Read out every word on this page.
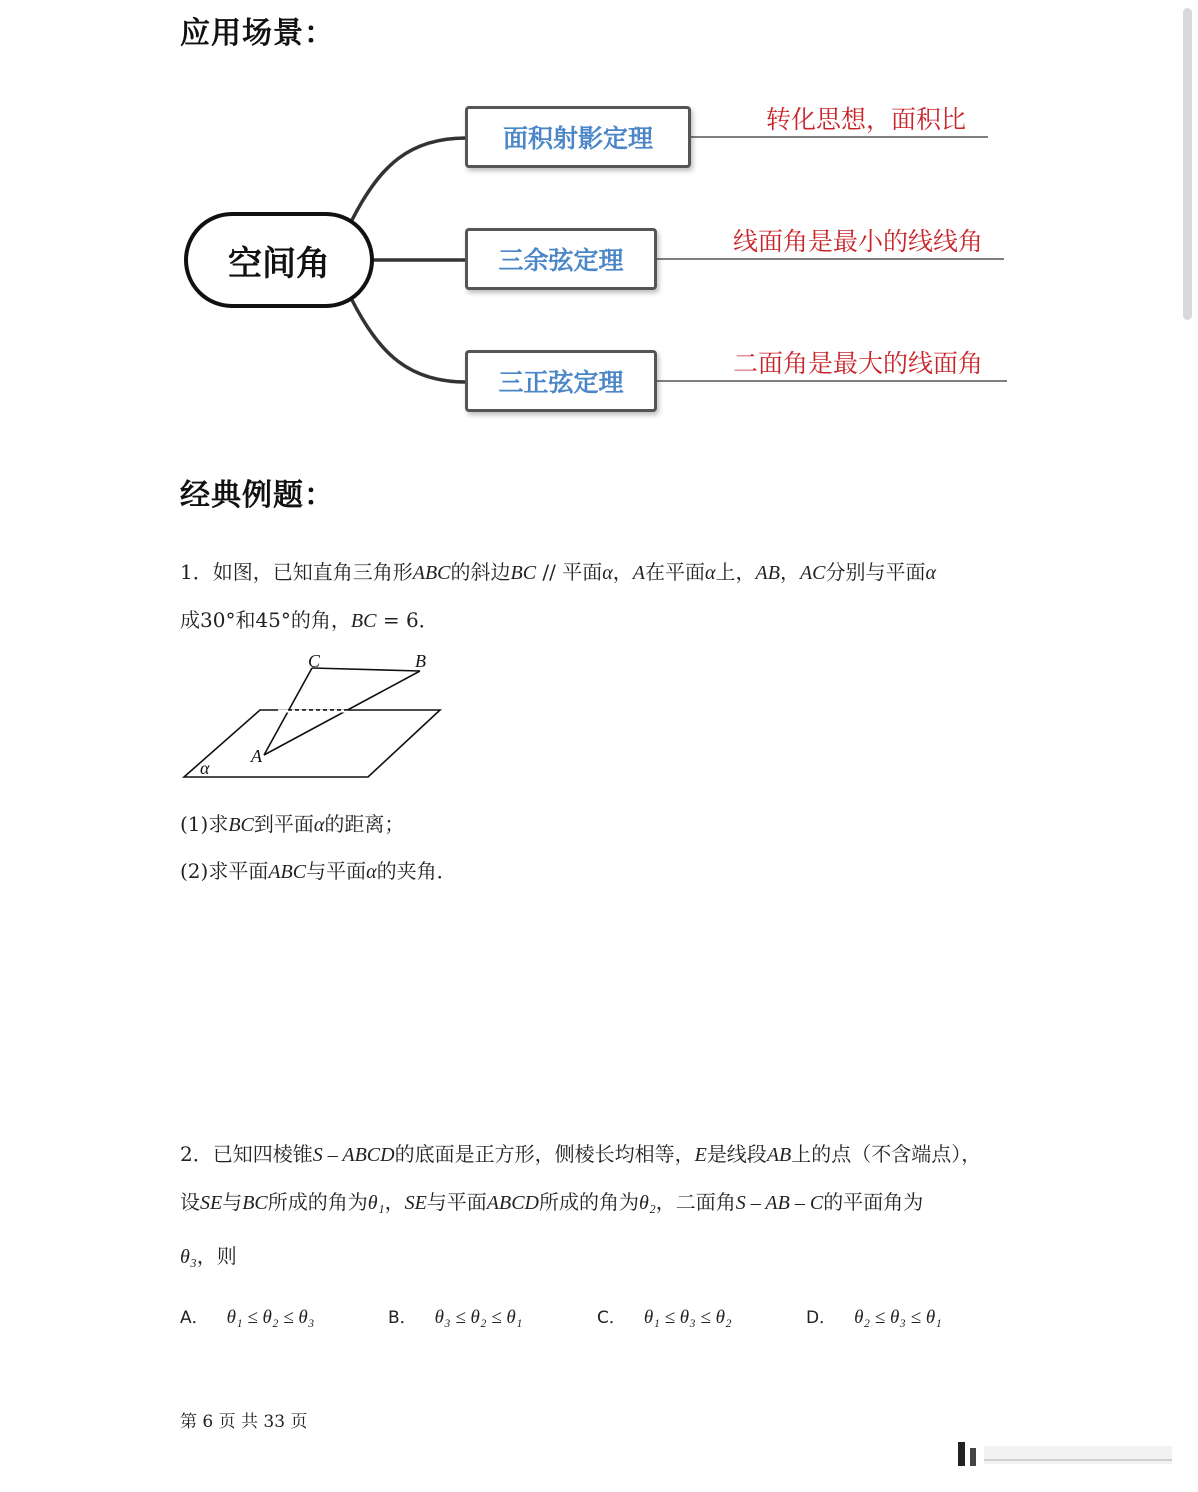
应用场景：
空间角
面积射影定理
三余弦定理
三正弦定理
转化思想，面积比
线面角是最小的线线角
二面角是最大的线面角
经典例题：
1．如图，已知直角三角形ABC的斜边BC // 平面α，A在平面α上，AB，AC分别与平面α
成30°和45°的角，BC = 6．
C	B
A
α
(1)求BC到平面α的距离；
(2)求平面ABC与平面α的夹角．
2．已知四棱锥S – ABCD的底面是正方形，侧棱长均相等，E是线段AB上的点（不含端点），
设SE与BC所成的角为θ₁，SE与平面ABCD所成的角为θ₂，二面角S – AB – C的平面角为
θ₃，则
A． θ₁ ≤ θ₂ ≤ θ₃	B． θ₃ ≤ θ₂ ≤ θ₁	C． θ₁ ≤ θ₃ ≤ θ₂	D． θ₂ ≤ θ₃ ≤ θ₁
第 6 页 共 33 页
